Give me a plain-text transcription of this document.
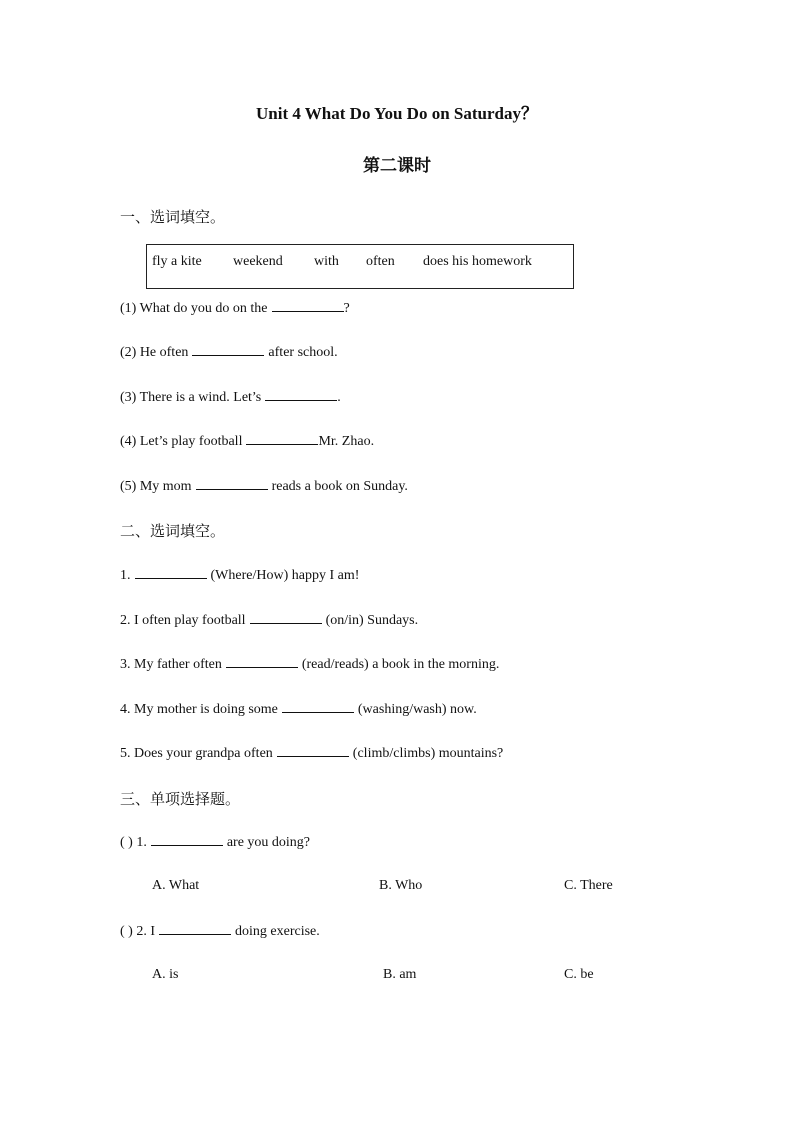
Unit 4 What Do You Do on Saturday？
第二课时
一、选词填空。
fly a kite weekend with often does his homework
(1) What do you do on the	?
(2) He often	after school.
(3) There is a wind. Let’s	.
(4) Let’s play football	Mr. Zhao.
(5) My mom	reads a book on Sunday.
二、选词填空。
1.	(Where/How) happy I am!
2. I often play football	(on/in) Sundays.
3. My father often	(read/reads) a book in the morning.
4. My mother is doing some	(washing/wash) now.
5. Does your grandpa often	(climb/climbs) mountains?
三、单项选择题。
( ) 1.	are you doing?
A. What	B. Who	C. There
( ) 2. I	doing exercise.
A. is	B. am	C. be
